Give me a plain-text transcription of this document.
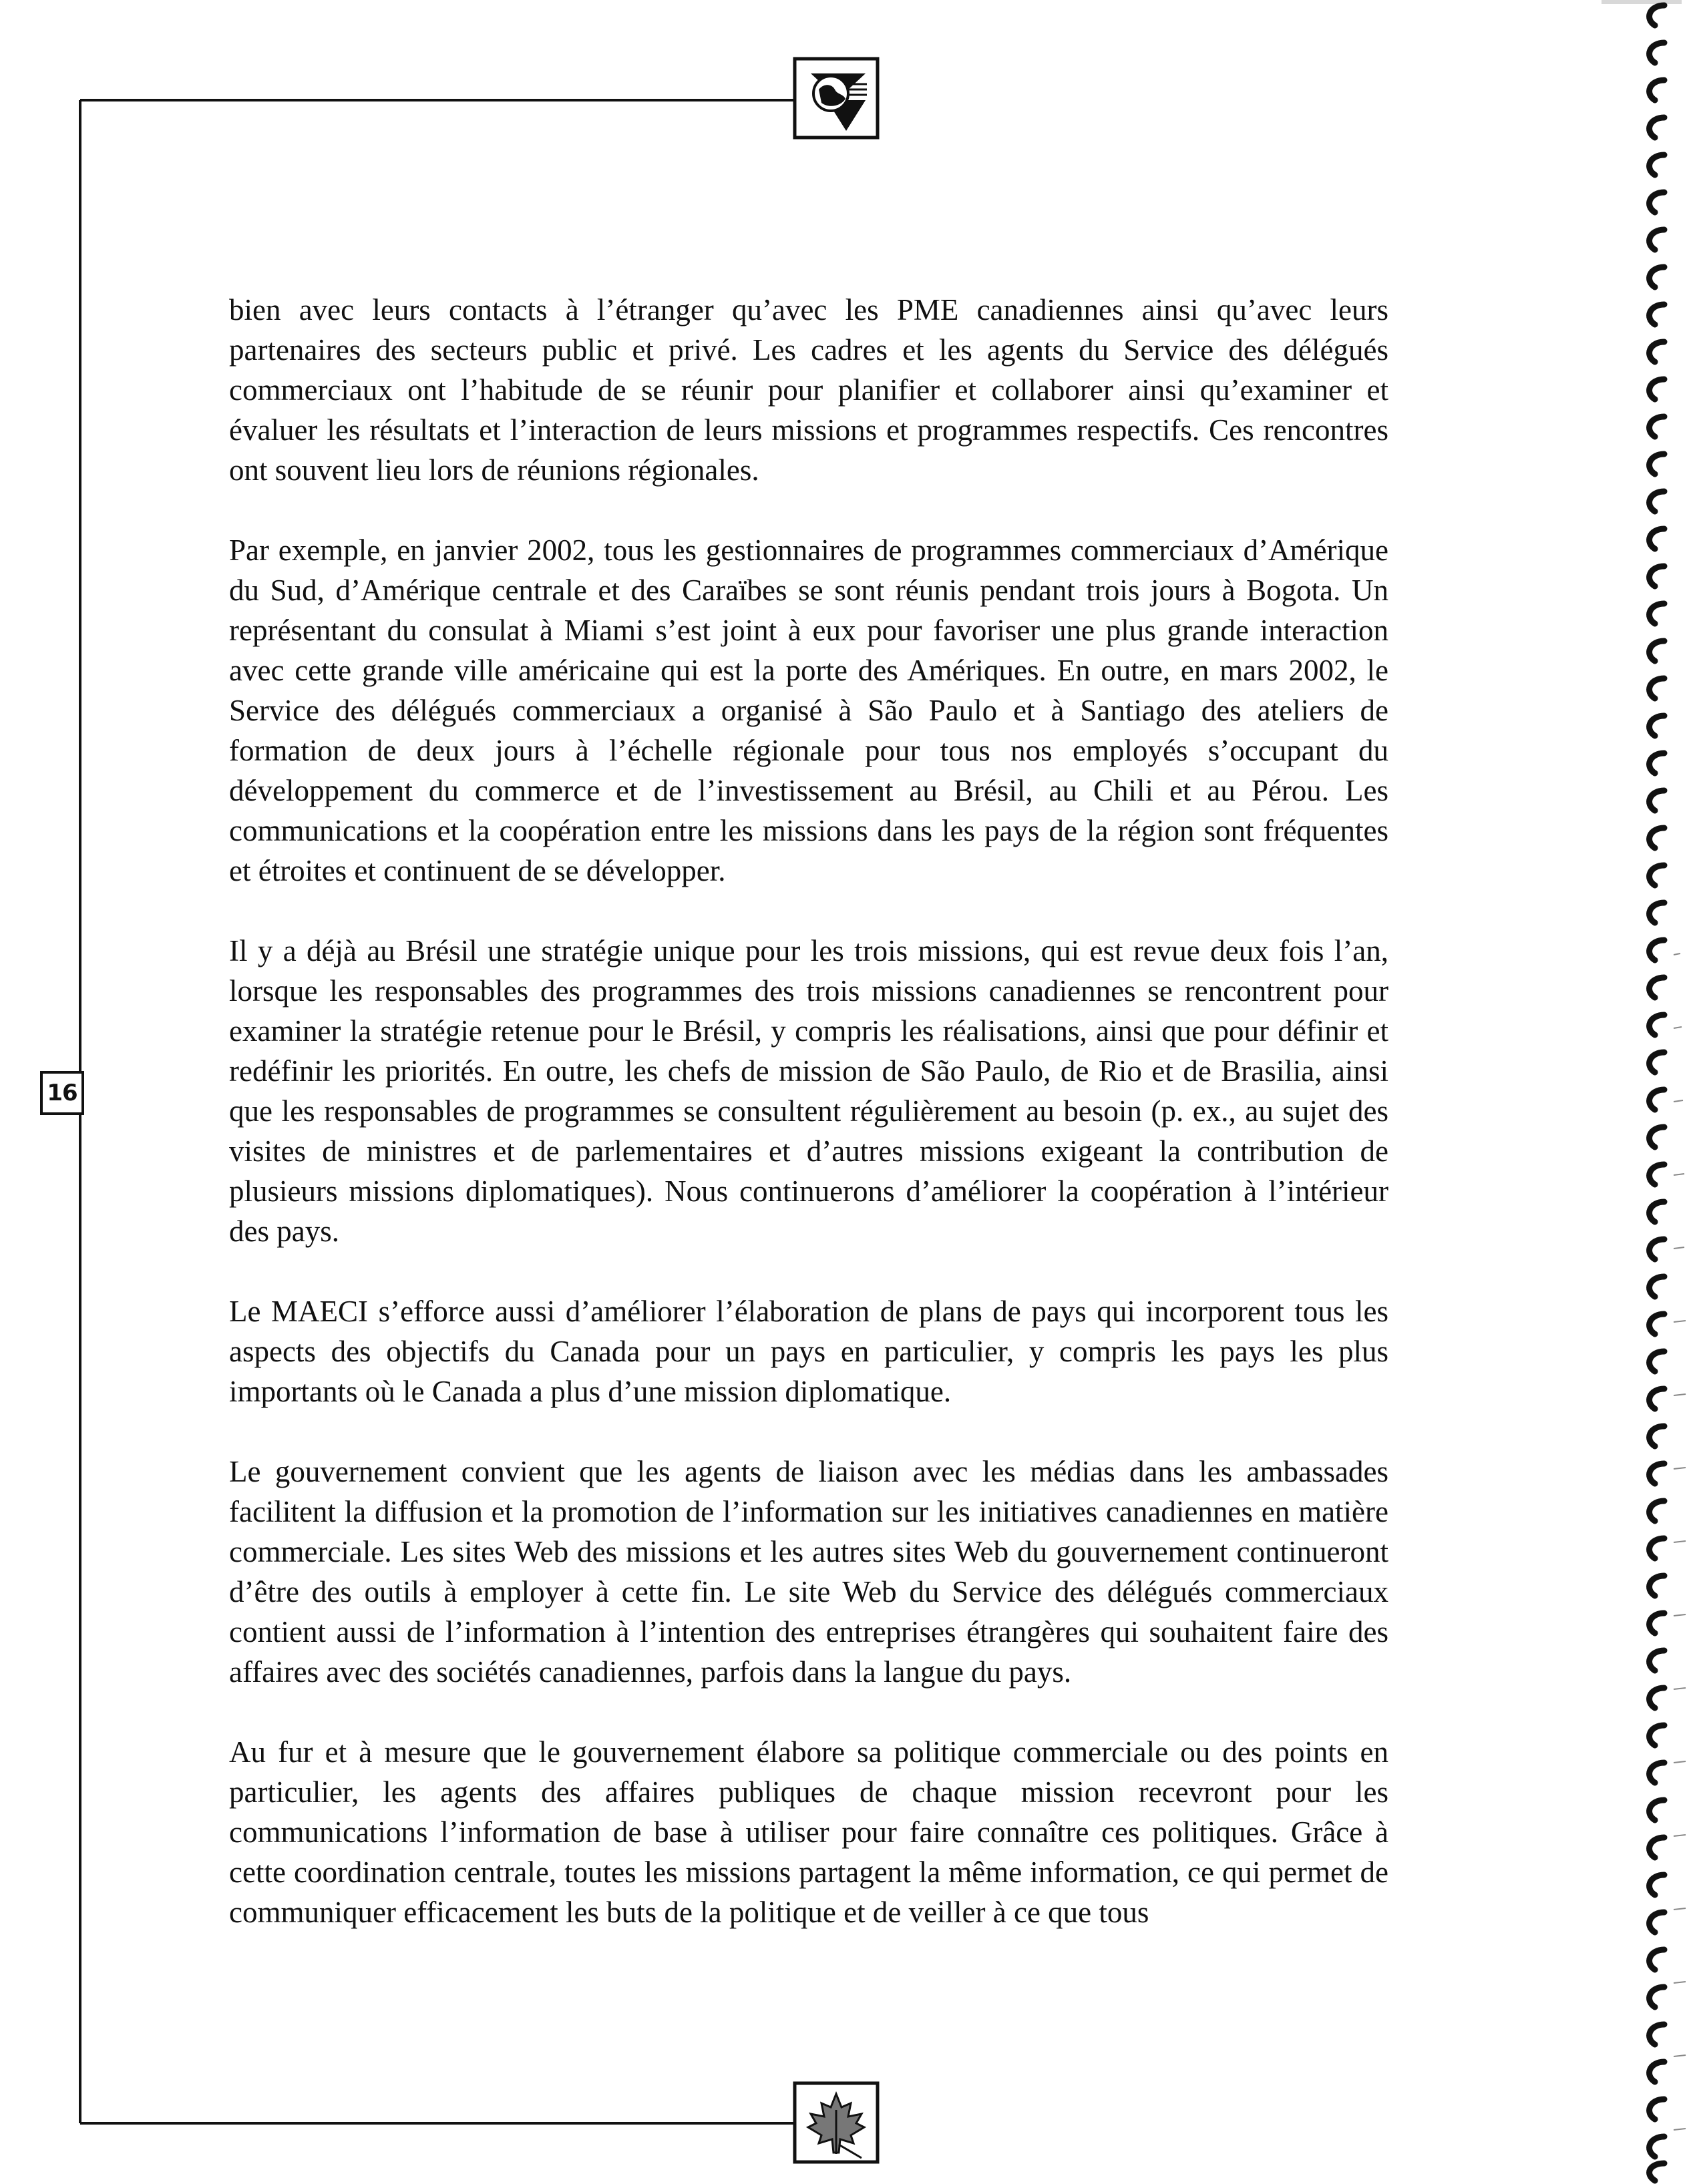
16

bien avec leurs contacts à l’étranger qu’avec les PME canadiennes ainsi qu’avec leurs partenaires des secteurs public et privé. Les cadres et les agents du Service des délégués commerciaux ont l’habitude de se réunir pour planifier et collaborer ainsi qu’examiner et évaluer les résultats et l’interaction de leurs missions et programmes respectifs. Ces rencontres ont souvent lieu lors de réunions régionales.

Par exemple, en janvier 2002, tous les gestionnaires de programmes commerciaux d’Amérique du Sud, d’Amérique centrale et des Caraïbes se sont réunis pendant trois jours à Bogota. Un représentant du consulat à Miami s’est joint à eux pour favoriser une plus grande interaction avec cette grande ville américaine qui est la porte des Amériques. En outre, en mars 2002, le Service des délégués commerciaux a organisé à São Paulo et à Santiago des ateliers de formation de deux jours à l’échelle régionale pour tous nos employés s’occupant du développement du commerce et de l’investissement au Brésil, au Chili et au Pérou. Les communications et la coopération entre les missions dans les pays de la région sont fréquentes et étroites et continuent de se développer.

Il y a déjà au Brésil une stratégie unique pour les trois missions, qui est revue deux fois l’an, lorsque les responsables des programmes des trois missions canadiennes se rencontrent pour examiner la stratégie retenue pour le Brésil, y compris les réalisations, ainsi que pour définir et redéfinir les priorités. En outre, les chefs de mission de São Paulo, de Rio et de Brasilia, ainsi que les responsables de programmes se consultent régulièrement au besoin (p. ex., au sujet des visites de ministres et de parlementaires et d’autres missions exigeant la contribution de plusieurs missions diplomatiques). Nous continuerons d’améliorer la coopération à l’intérieur des pays.

Le MAECI s’efforce aussi d’améliorer l’élaboration de plans de pays qui incorporent tous les aspects des objectifs du Canada pour un pays en particulier, y compris les pays les plus importants où le Canada a plus d’une mission diplomatique.

Le gouvernement convient que les agents de liaison avec les médias dans les ambassades facilitent la diffusion et la promotion de l’information sur les initiatives canadiennes en matière commerciale. Les sites Web des missions et les autres sites Web du gouvernement continueront d’être des outils à employer à cette fin. Le site Web du Service des délégués commerciaux contient aussi de l’information à l’intention des entreprises étrangères qui souhaitent faire des affaires avec des sociétés canadiennes, parfois dans la langue du pays.

Au fur et à mesure que le gouvernement élabore sa politique commerciale ou des points en particulier, les agents des affaires publiques de chaque mission recevront pour les communications l’information de base à utiliser pour faire connaître ces politiques. Grâce à cette coordination centrale, toutes les missions partagent la même information, ce qui permet de communiquer efficacement les buts de la politique et de veiller à ce que tous
